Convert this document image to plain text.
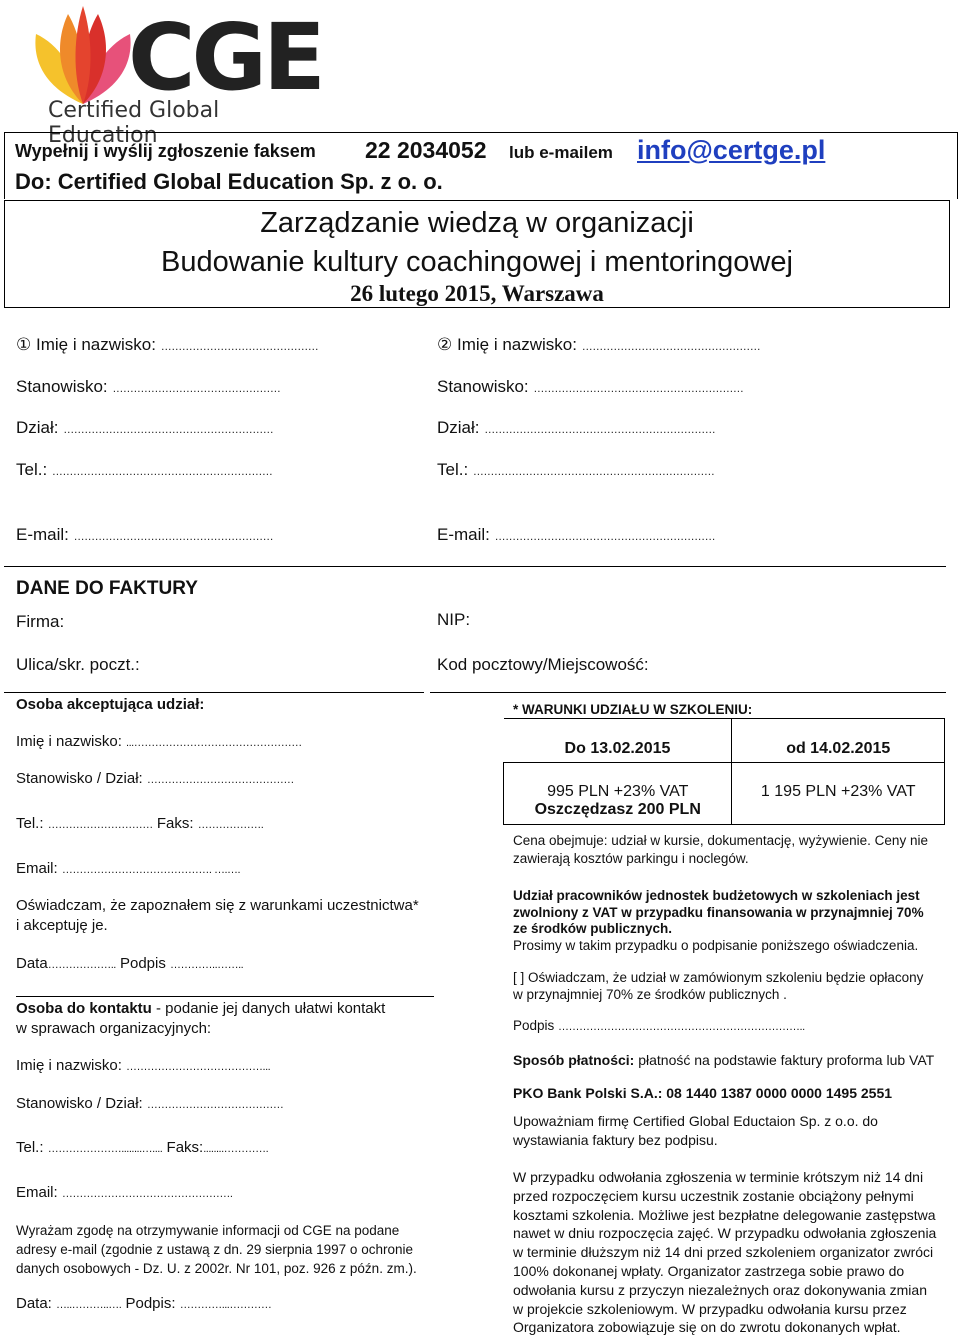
CGE
Certified Global Education
Wypełnij i wyślij zgłoszenie faksem 22 2034052 lub e-mailem info@certge.pl
Do: Certified Global Education Sp. z o. o.
Zarządzanie wiedzą w organizacji
Budowanie kultury coachingowej i mentoringowej
26 lutego 2015, Warszawa
① Imię i nazwisko: ………………………………………
Stanowisko: …………………………………………
Dział: ……………………………………………………
Tel.: ………………………………………………………
E-mail: …………………………………………………
② Imię i nazwisko: ……………………………………………
Stanowisko: ……………………………………………………
Dział: …………………………………………………………
Tel.: ……………………………………………………………
E-mail: ………………………………………………………
DANE DO FAKTURY
Firma:	NIP:
Ulica/skr. poczt.:	Kod pocztowy/Miejscowość:
Osoba akceptująca udział:
Imię i nazwisko: ...…………………………………………
Stanowisko / Dział: ……………………………………
Tel.: ………………………… Faks: ……………….
Email: ……………………………………. ….….
Oświadczam, że zapoznałem się z warunkami uczestnictwa*
i akceptuję je.
Data……………….. Podpis …………..……..
Osoba do kontaktu - podanie jej danych ułatwi kontakt
w sprawach organizacyjnych:
Imię i nazwisko: …………………………………...
Stanowisko / Dział: …………………………………
Tel.: …………………........….... Faks:........………….
Email: ………………………………………….
Wyrażam zgodę na otrzymywanie informacji od CGE na podane
adresy e-mail (zgodnie z ustawą z dn. 29 sierpnia 1997 o ochronie
danych osobowych - Dz. U. z 2002r. Nr 101, poz. 926 z późn. zm.).
Data: …..………..…. Podpis: …………...…………
* WARUNKI UDZIAŁU W SZKOLENIU:
Do 13.02.2015	od 14.02.2015

995 PLN +23% VAT
Oszczędzasz 200 PLN	1 195 PLN +23% VAT
Cena obejmuje: udział w kursie, dokumentację, wyżywienie. Ceny nie
zawierają kosztów parkingu i noclegów.
Udział pracowników jednostek budżetowych w szkoleniach jest
zwolniony z VAT w przypadku finansowania w przynajmniej 70%
ze środków publicznych.
Prosimy w takim przypadku o podpisanie poniższego oświadczenia.
[ ] Oświadczam, że udział w zamówionym szkoleniu będzie opłacony
w przynajmniej 70% ze środków publicznych .
Podpis ……………………………………………………………..
Sposób płatności: płatność na podstawie faktury proforma lub VAT
PKO Bank Polski S.A.: 08 1440 1387 0000 0000 1495 2551
Upoważniam firmę Certified Global Eductaion Sp. z o.o. do
wystawiania faktury bez podpisu.
W przypadku odwołania zgłoszenia w terminie krótszym niż 14 dni
przed rozpoczęciem kursu uczestnik zostanie obciążony pełnymi
kosztami szkolenia. Możliwe jest bezpłatne delegowanie zastępstwa
nawet w dniu rozpoczęcia zajęć. W przypadku odwołania zgłoszenia
w terminie dłuższym niż 14 dni przed szkoleniem organizator zwróci
100% dokonanej wpłaty. Organizator zastrzega sobie prawo do
odwołania kursu z przyczyn niezależnych oraz dokonywania zmian
w projekcie szkoleniowym. W przypadku odwołania kursu przez
Organizatora zobowiązuje się on do zwrotu dokonanych wpłat.
